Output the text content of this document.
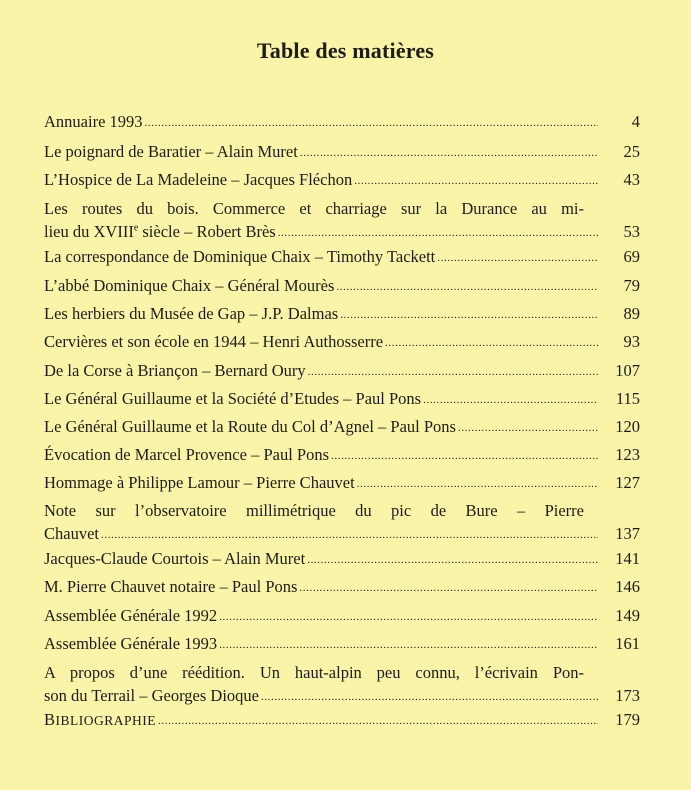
Table des matières
Annuaire 1993 .....	4
Le poignard de Baratier – Alain Muret .....	25
L’Hospice de La Madeleine – Jacques Fléchon .....	43
Les routes du bois. Commerce et charriage sur la Durance au mi-
lieu du XVIIIe siècle – Robert Brès .....	53
La correspondance de Dominique Chaix – Timothy Tackett .....	69
L’abbé Dominique Chaix – Général Mourès .....	79
Les herbiers du Musée de Gap – J.P. Dalmas .....	89
Cervières et son école en 1944 – Henri Authosserre .....	93
De la Corse à Briançon – Bernard Oury .....	107
Le Général Guillaume et la Société d’Etudes – Paul Pons .....	115
Le Général Guillaume et la Route du Col d’Agnel – Paul Pons .....	120
Évocation de Marcel Provence – Paul Pons .....	123
Hommage à Philippe Lamour – Pierre Chauvet .....	127
Note sur l’observatoire millimétrique du pic de Bure – Pierre
Chauvet .....	137
Jacques-Claude Courtois – Alain Muret .....	141
M. Pierre Chauvet notaire – Paul Pons .....	146
Assemblée Générale 1992 .....	149
Assemblée Générale 1993 .....	161
A propos d’une réédition. Un haut-alpin peu connu, l’écrivain Pon-
son du Terrail – Georges Dioque .....	173
BIBLIOGRAPHIE .....	179
